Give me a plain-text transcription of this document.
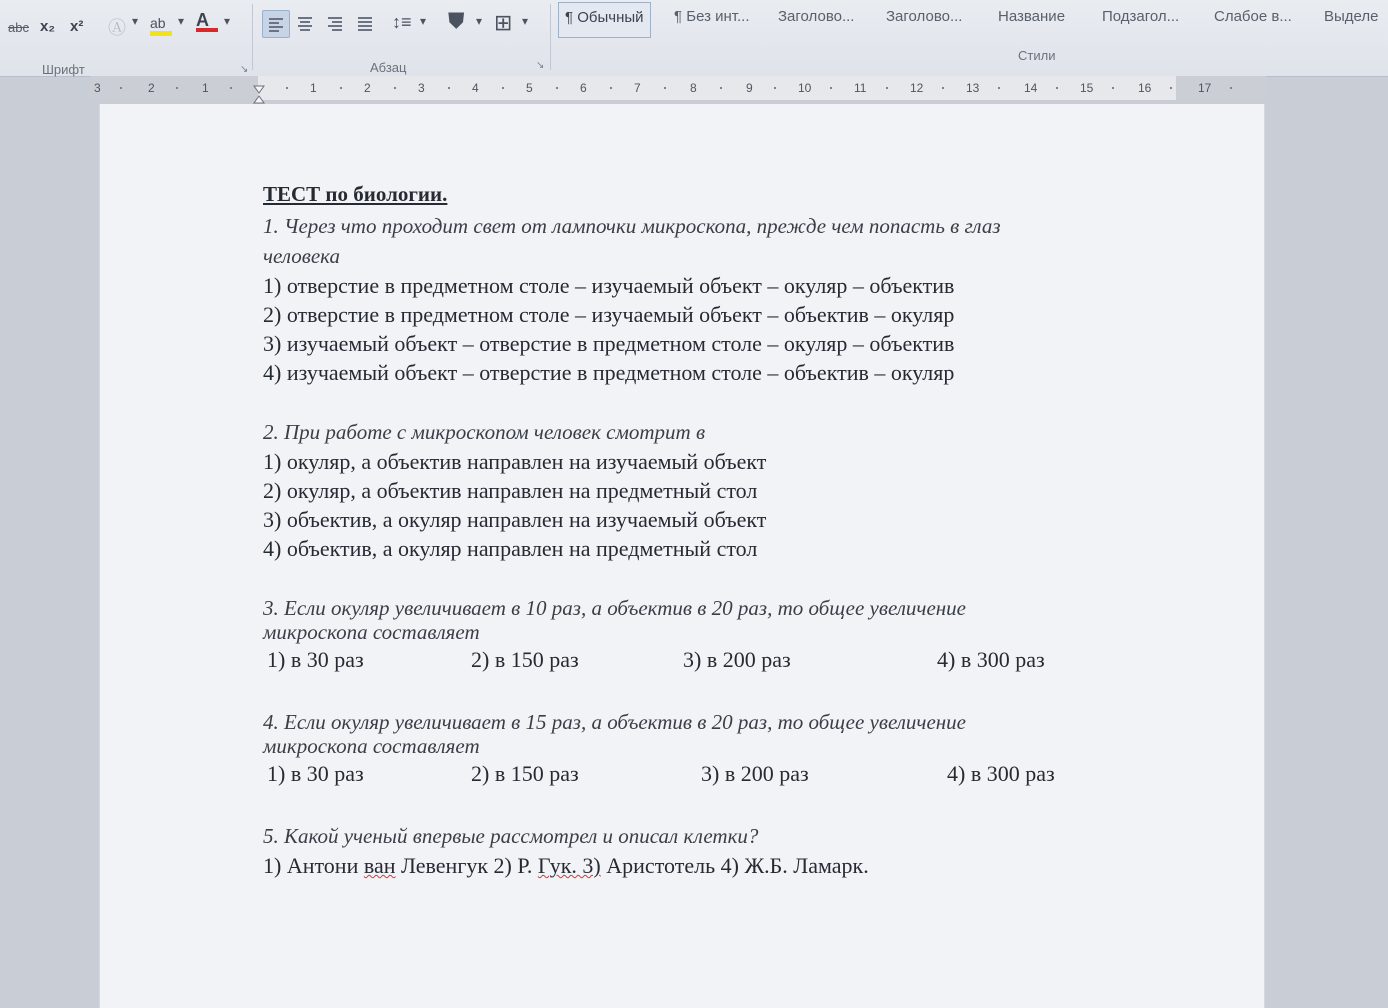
abc x₂ x² Ⓐ ▾ ab	▾ A	▾
Шрифт	↘
↕≡ ▾ ⛊ ▾ ⊞ ▾
Абзац	↘
¶ Обычный	¶ Без инт...	Заголово...	Заголово...	Название	Подзагол...	Слабое в...	Выделе
Стили
3	2	1	1	2	3	4	5	6	7	8	9	10	11	12	13	14	15	16	17
ТЕСТ по биологии.
1. Через что проходит свет от лампочки микроскопа, прежде чем попасть в глаз
человека
1) отверстие в предметном столе – изучаемый объект – окуляр – объектив
2) отверстие в предметном столе – изучаемый объект – объектив – окуляр
3) изучаемый объект – отверстие в предметном столе – окуляр – объектив
4) изучаемый объект – отверстие в предметном столе – объектив – окуляр
2. При работе с микроскопом человек смотрит в
1) окуляр, а объектив направлен на изучаемый объект
2) окуляр, а объектив направлен на предметный стол
3) объектив, а окуляр направлен на изучаемый объект
4) объектив, а окуляр направлен на предметный стол
3. Если окуляр увеличивает в 10 раз, а объектив в 20 раз, то общее увеличение
микроскопа составляет
1) в 30 раз	2) в 150 раз	3) в 200 раз	4) в 300 раз
4. Если окуляр увеличивает в 15 раз, а объектив в 20 раз, то общее увеличение
микроскопа составляет
1) в 30 раз	2) в 150 раз	3) в 200 раз	4) в 300 раз
5. Какой ученый впервые рассмотрел и описал клетки?
1) Антони ван Левенгук 2) Р. Гук. 3) Аристотель 4) Ж.Б. Ламарк.
